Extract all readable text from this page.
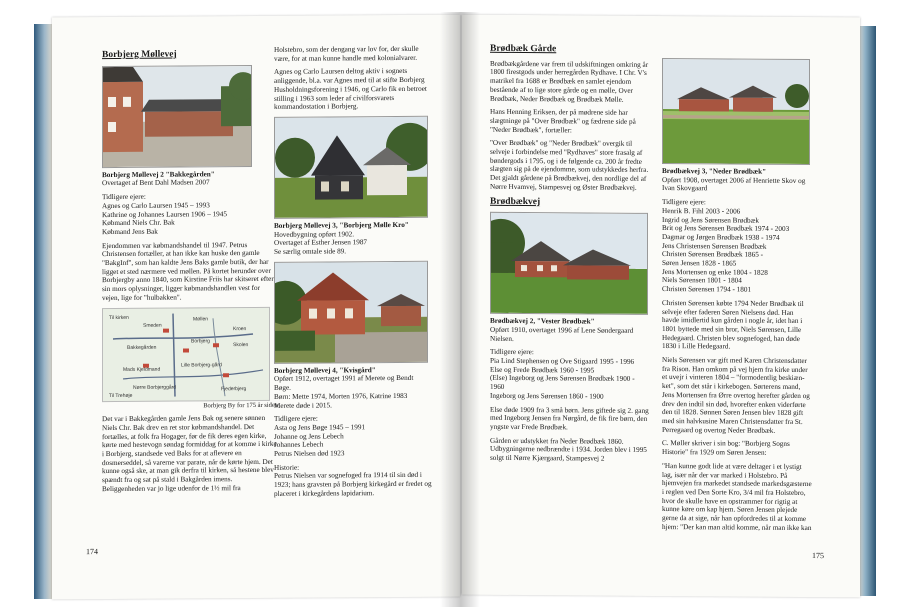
Borbjerg Møllevej

Borbjerg Møllevej 2 "Bakkegården"
Overtaget af Bent Dahl Madsen 2007

Tidligere ejere:

Agnes og Carlo Laursen 1945 – 1993
Kathrine og Johannes Laursen 1906 – 1945
Købmand Niels Chr. Bak
Købmand Jens Bak

Ejendommen var købmandshandel til 1947. Petrus Christensen fortæller, at han ikke kan huske den gamle "BakgInf", som han kaldte Jens Baks gamle butik, der har ligget et sted nærmere ved møllen. På kortet herunder over Borbjergby anno 1840, som Kirstine Friis har skitseret efter sin mors oplysninger, ligger købmandshandlen vest for vejen, lige for "hulbakken".

Til kirken
Smeden
Bakkegården
Møllen
Kroen
Skolen
Borbjerg
Mads Kjeldmand
Lille Borbjerg-gård
Nørre Borbjerggård
Til Trehøje
Fjederbjerg
Borbjerg By for 175 år siden

Det var i Bakkegården gamle Jens Bak og senere sønnen Niels Chr. Bak drev en ret stor købmandshandel. Det fortælles, at folk fra Hogager, før de fik deres egen kirke, kørte med hestevogn søndag formiddag for at komme i kirke i Borbjerg, standsede ved Baks for at aflevere en dosmerseddel, så varerne var parate, når de kørte hjem. Det kunne også ske, at man gik derfra til kirken, så hestene blev spændt fra og sat på stald i Bakgården imens.

Beliggenheden var jo lige udenfor de 1½ mil fra

Holstebro, som der dengang var lov for, der skulle være, for at man kunne handle med kolonialvarer.

Agnes og Carlo Laursen deltog aktiv i sognets anliggende, bl.a. var Agnes med til at stifte Borbjerg Husholdningsforening i 1946, og Carlo fik en betroet stilling i 1963 som leder af civilforsvarets kommandostation i Borbjerg.

Borbjerg Møllevej 3, "Borbjerg Mølle Kro"
Hovedbygning opført 1902.
Overtaget af Esther Jensen 1987
Se særlig omtale side 89.

Borbjerg Møllevej 4, "Kvisgård"
Opført 1912, overtaget 1991 af Merete og Bendt Bøge.
Børn: Mette 1974, Morten 1976, Katrine 1983
Merete døde i 2015.

Tidligere ejere:

Asta og Jens Bøge 1945 – 1991
Johanne og Jens Lebech
Johannes Lebech
Petrus Nielsen død 1923

Historie:

Petrus Nielsen var sognefoged fra 1914 til sin død i 1923; hans gravsten på Borbjerg kirkegård er fredet og placeret i kirkegårdens lapidarium.

174
Brødbæk Gårde

Brødbækgårdene var frem til udskiftningen omkring år 1800 firestgods under herregården Rydhave. I Chr. V's matrikel fra 1688 er Brødbæk en samlet ejendom bestående af to lige store gårde og en mølle, Over Brødbæk, Neder Brødbæk og Brødbæk Mølle.

Hans Henning Eriksen, der på mødrene side har slægtninge på "Over Brødbæk" og fædrene side på "Neder Brødbæk", fortæller:

"Over Brødbæk" og "Neder Brødbæk" overgik til selveje i forbindelse med "Rydhaves" store frasalg af bøndergods i 1795, og i de følgende ca. 200 år fredte slægten sig på de ejendomme, som udstykkedes herfra. Det gjaldt gårdene på Brødbækvej, den nordlige del af Nørre Hvamvej, Stampesvej og Øster Brødbækvej.

Brødbækvej

Brødbækvej 2, "Vester Brødbæk"
Opført 1910, overtaget 1996 af Lene Søndergaard Nielsen.

Tidligere ejere:

Pia Lind Stephensen og Ove Stigaard 1995 - 1996
Else og Frede Brødbæk 1960 - 1995
(Else) Ingeborg og Jens Sørensen Brødbæk 1900 - 1960
Ingeborg og Jens Sørensen 1860 - 1900

Else døde 1909 fra 3 små børn. Jens giftede sig 2. gang med Ingeborg Jensen fra Nørgård, de fik fire børn, den yngste var Frede Brødbæk.

Gården er udstykket fra Neder Brødbæk 1860. Udbygningerne nedbrændte i 1934. Jorden blev i 1995 solgt til Nørre Kjærgaard, Stampesvej 2

Brødbækvej 3, "Neder Brødbæk"
Opført 1908, overtaget 2006 af Henriette Skov og Ivan Skovgaard

Tidligere ejere:

Henrik B. Fihl 2003 - 2006
Ingrid og Jens Sørensen Brødbæk
Brit og Jens Sørensen Brødbæk 1974 - 2003
Dagmar og Jørgen Brødbæk 1938 - 1974
Jens Christensen Sørensen Brødbæk
Christen Sørensen Brødbæk 1865 -
Søren Jensen 1828 - 1865
Jens Mortensen og enke 1804 - 1828
Niels Sørensen 1801 - 1804
Christen Sørensen 1794 - 1801

Christen Sørensen købte 1794 Neder Brødbæk til selveje efter faderen Søren Nielsens død. Han havde imidlertid kun gården i nogle år, idet han i 1801 byttede med sin bror, Niels Sørensen, Lille Hedegaard. Christen blev sognefoged, han døde 1830 i Lille Hedegaard.

Niels Sørensen var gift med Karen Christensdatter fra Rison. Han omkom på vej hjem fra kirke under et uvejr i vinteren 1804 – "formodentlig beskiæn-ket", som det står i kirkebogen. Sørterens mand, Jens Mortensen fra Ørre overtog herefter gården og drev den indtil sin død, hvorefter enken viderførte den til 1828. Sønnen Søren Jensen blev 1828 gift med sin halvkusine Maren Christensdatter fra St. Perregaard og overtog Neder Brødbæk.

C. Møller skriver i sin bog: "Borbjerg Sogns Historie" fra 1929 om Søren Jensen:

"Han kunne godt lide at være deltager i et lystigt lag, især når der var marked i Holstebro. På hjemvejen fra markedet standsede markedsgæsterne i reglen ved Den Sorte Kro, 3/4 mil fra Holstebro, hvor de skulle have en opstrammer for rigtig at kunne køre om kap hjem. Søren Jensen plejede gerne da at sige, når han opfordredes til at komme hjem: "Der kan man altid komme, når man ikke kan

175
